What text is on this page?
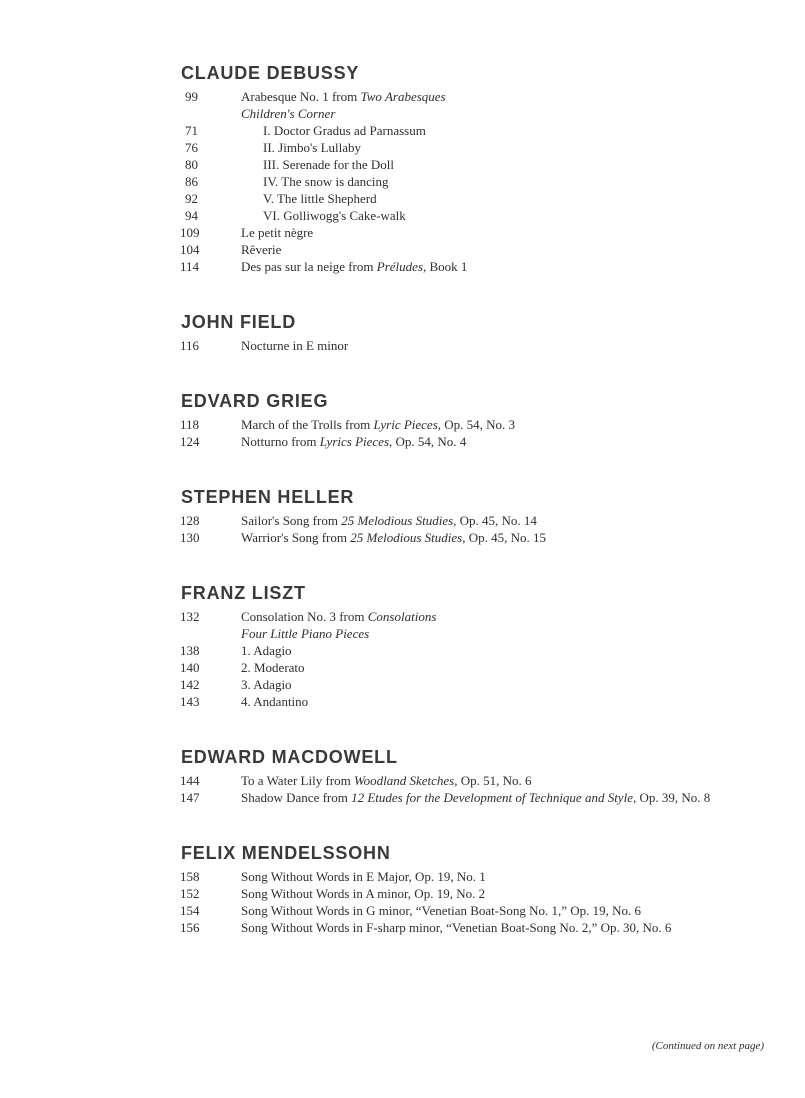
CLAUDE DEBUSSY
99	Arabesque No. 1 from Two Arabesques
Children's Corner
71	I. Doctor Gradus ad Parnassum
76	II. Jimbo's Lullaby
80	III. Serenade for the Doll
86	IV. The snow is dancing
92	V. The little Shepherd
94	VI. Golliwogg's Cake-walk
109	Le petit nègre
104	Rêverie
114	Des pas sur la neige from Préludes, Book 1
JOHN FIELD
116	Nocturne in E minor
EDVARD GRIEG
118	March of the Trolls from Lyric Pieces, Op. 54, No. 3
124	Notturno from Lyrics Pieces, Op. 54, No. 4
STEPHEN HELLER
128	Sailor's Song from 25 Melodious Studies, Op. 45, No. 14
130	Warrior's Song from 25 Melodious Studies, Op. 45, No. 15
FRANZ LISZT
132	Consolation No. 3 from Consolations
Four Little Piano Pieces
138	1. Adagio
140	2. Moderato
142	3. Adagio
143	4. Andantino
EDWARD MACDOWELL
144	To a Water Lily from Woodland Sketches, Op. 51, No. 6
147	Shadow Dance from 12 Etudes for the Development of Technique and Style, Op. 39, No. 8
FELIX MENDELSSOHN
158	Song Without Words in E Major, Op. 19, No. 1
152	Song Without Words in A minor, Op. 19, No. 2
154	Song Without Words in G minor, “Venetian Boat-Song No. 1,” Op. 19, No. 6
156	Song Without Words in F-sharp minor, “Venetian Boat-Song No. 2,” Op. 30, No. 6
(Continued on next page)
